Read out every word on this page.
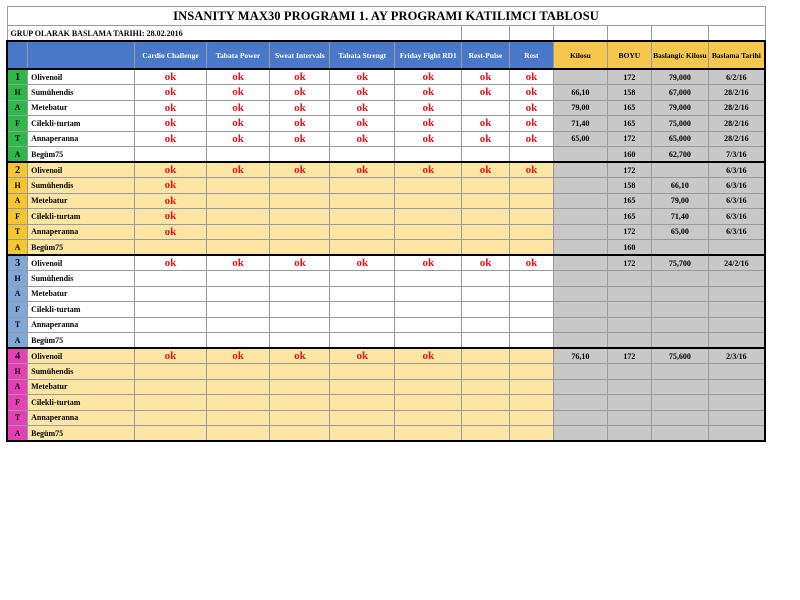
INSANITY MAX30 PROGRAMI 1. AY PROGRAMI KATILIMCI TABLOSU												
GRUP OLARAK BASLAMA TARIHI: 28.02.2016												
		Cardio Challenge	Tabata Power	Sweat Intervals	Tabata Strengt	Friday Fight RD1	Rest-Pulse	Rest	Kilosu	BOYU	Baslangic Kilosu	Baslama Tarihi
1	Olivenoil	ok	ok	ok	ok	ok	ok	ok		172	79,000	6/2/16
H	Sumühendis	ok	ok	ok	ok	ok	ok	ok	66,10	158	67,000	28/2/16
A	Metebatur	ok	ok	ok	ok	ok		ok	79,00	165	79,000	28/2/16
F	Cilekli-turtam	ok	ok	ok	ok	ok	ok	ok	71,40	165	75,000	28/2/16
T	Annaperanna	ok	ok	ok	ok	ok	ok	ok	65,00	172	65,000	28/2/16
A	Begüm75									160	62,700	7/3/16
2	Olivenoil	ok	ok	ok	ok	ok	ok	ok		172		6/3/16
H	Sumühendis	ok								158	66,10	6/3/16
A	Metebatur	ok								165	79,00	6/3/16
F	Cilekli-turtam	ok								165	71,40	6/3/16
T	Annaperanna	ok								172	65,00	6/3/16
A	Begüm75									160		
3	Olivenoil	ok	ok	ok	ok	ok	ok	ok		172	75,700	24/2/16
H	Sumühendis											
A	Metebatur											
F	Cilekli-turtam											
T	Annaperanna											
A	Begüm75											
4	Olivenoil	ok	ok	ok	ok	ok			76,10	172	75,600	2/3/16
H	Sumühendis											
A	Metebatur											
F	Cilekli-turtam											
T	Annaperanna											
A	Begüm75											
